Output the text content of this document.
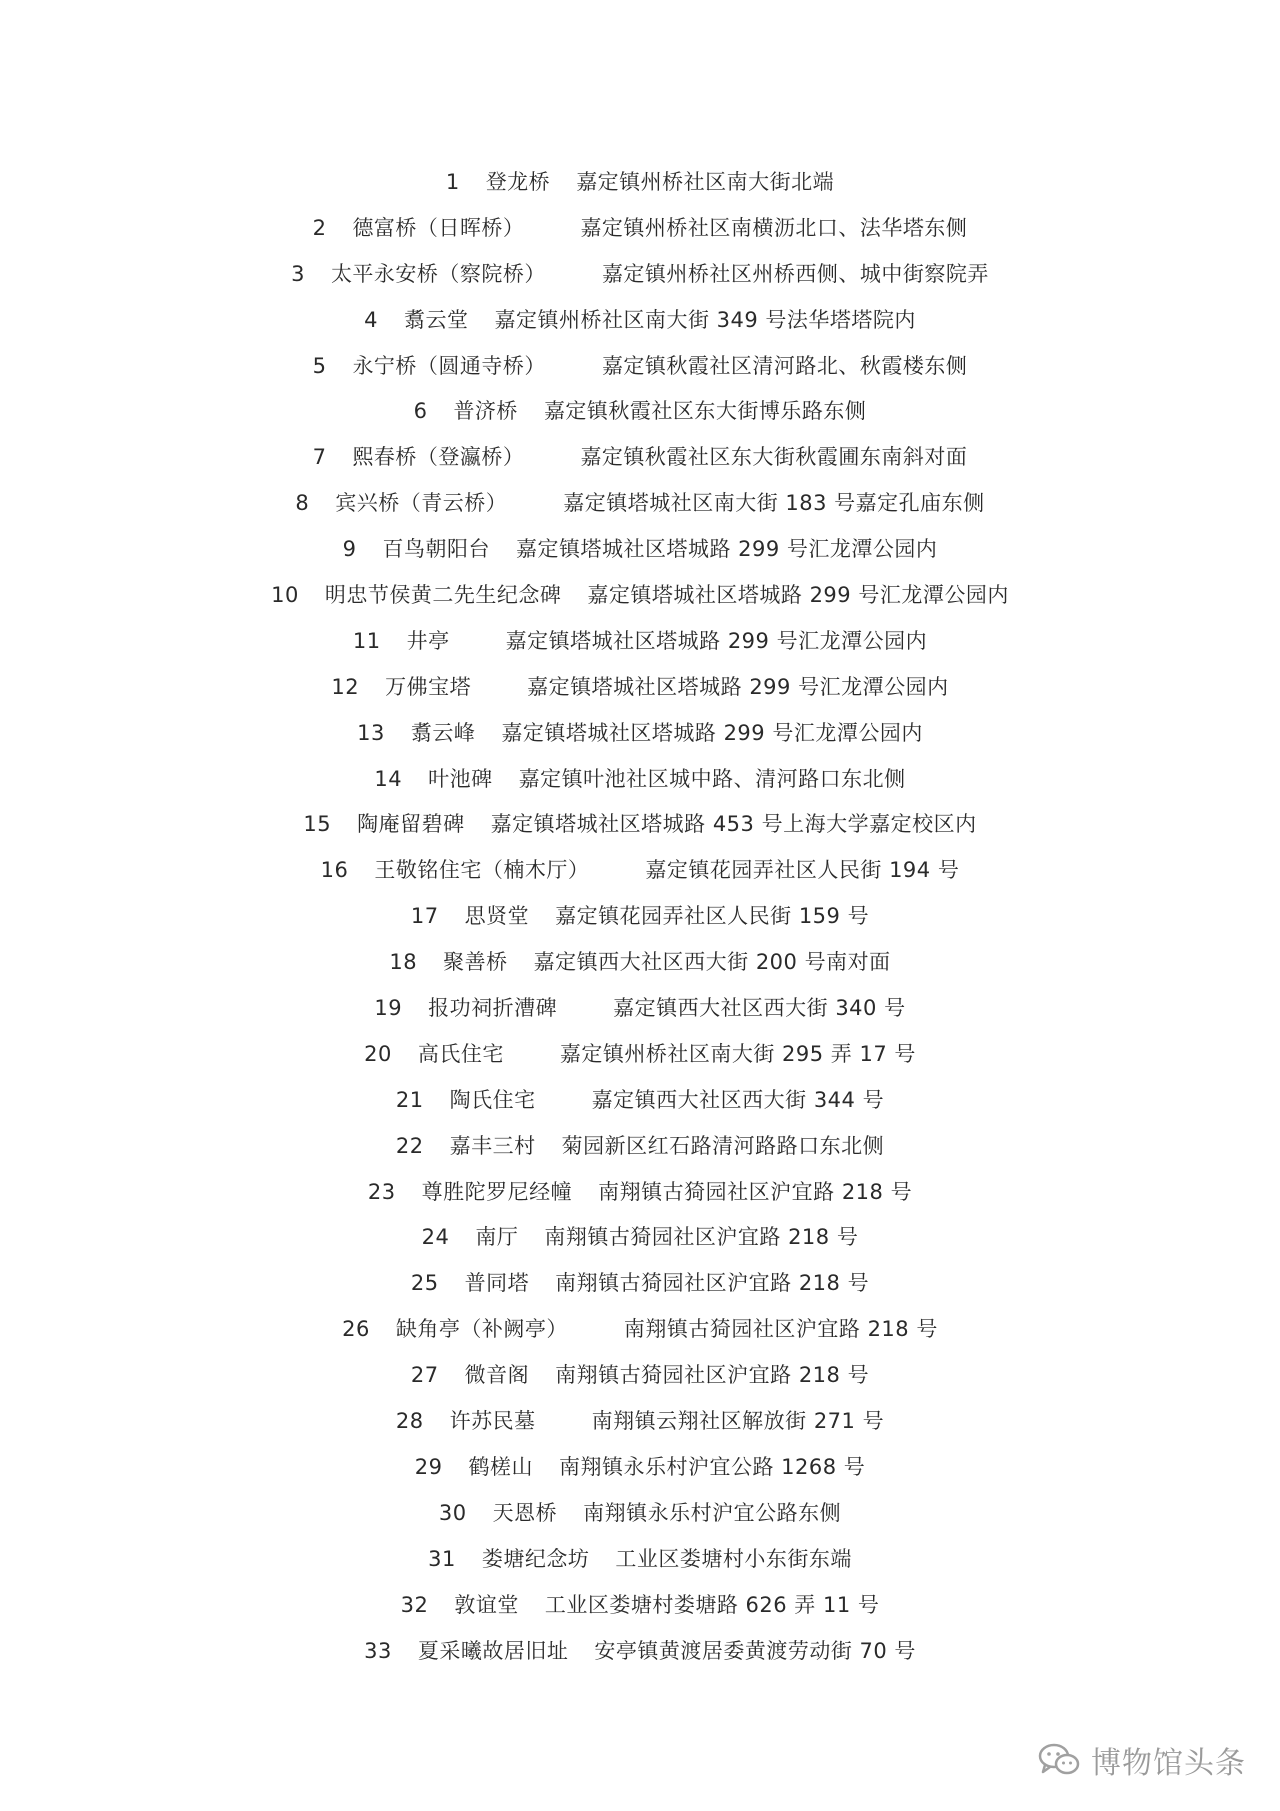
1 登龙桥 嘉定镇州桥社区南大街北端
2 德富桥（日晖桥）	嘉定镇州桥社区南横沥北口、法华塔东侧
3 太平永安桥（察院桥）	嘉定镇州桥社区州桥西侧、城中街察院弄
4 翥云堂 嘉定镇州桥社区南大街 349 号法华塔塔院内
5 永宁桥（圆通寺桥）	嘉定镇秋霞社区清河路北、秋霞楼东侧
6 普济桥 嘉定镇秋霞社区东大街博乐路东侧
7 熙春桥（登瀛桥）	嘉定镇秋霞社区东大街秋霞圃东南斜对面
8 宾兴桥（青云桥）	嘉定镇塔城社区南大街 183 号嘉定孔庙东侧
9 百鸟朝阳台 嘉定镇塔城社区塔城路 299 号汇龙潭公园内
10 明忠节侯黄二先生纪念碑 嘉定镇塔城社区塔城路 299 号汇龙潭公园内
11 井亭	嘉定镇塔城社区塔城路 299 号汇龙潭公园内
12 万佛宝塔	嘉定镇塔城社区塔城路 299 号汇龙潭公园内
13 翥云峰 嘉定镇塔城社区塔城路 299 号汇龙潭公园内
14 叶池碑 嘉定镇叶池社区城中路、清河路口东北侧
15 陶庵留碧碑 嘉定镇塔城社区塔城路 453 号上海大学嘉定校区内
16 王敬铭住宅（楠木厅）	嘉定镇花园弄社区人民街 194 号
17 思贤堂 嘉定镇花园弄社区人民街 159 号
18 聚善桥 嘉定镇西大社区西大街 200 号南对面
19 报功祠折漕碑	嘉定镇西大社区西大街 340 号
20 高氏住宅	嘉定镇州桥社区南大街 295 弄 17 号
21 陶氏住宅	嘉定镇西大社区西大街 344 号
22 嘉丰三村 菊园新区红石路清河路路口东北侧
23 尊胜陀罗尼经幢 南翔镇古猗园社区沪宜路 218 号
24 南厅 南翔镇古猗园社区沪宜路 218 号
25 普同塔 南翔镇古猗园社区沪宜路 218 号
26 缺角亭（补阙亭）	南翔镇古猗园社区沪宜路 218 号
27 微音阁 南翔镇古猗园社区沪宜路 218 号
28 许苏民墓	南翔镇云翔社区解放街 271 号
29 鹤槎山 南翔镇永乐村沪宜公路 1268 号
30 天恩桥 南翔镇永乐村沪宜公路东侧
31 娄塘纪念坊 工业区娄塘村小东街东端
32 敦谊堂 工业区娄塘村娄塘路 626 弄 11 号
33 夏采曦故居旧址 安亭镇黄渡居委黄渡劳动街 70 号
博物馆头条
